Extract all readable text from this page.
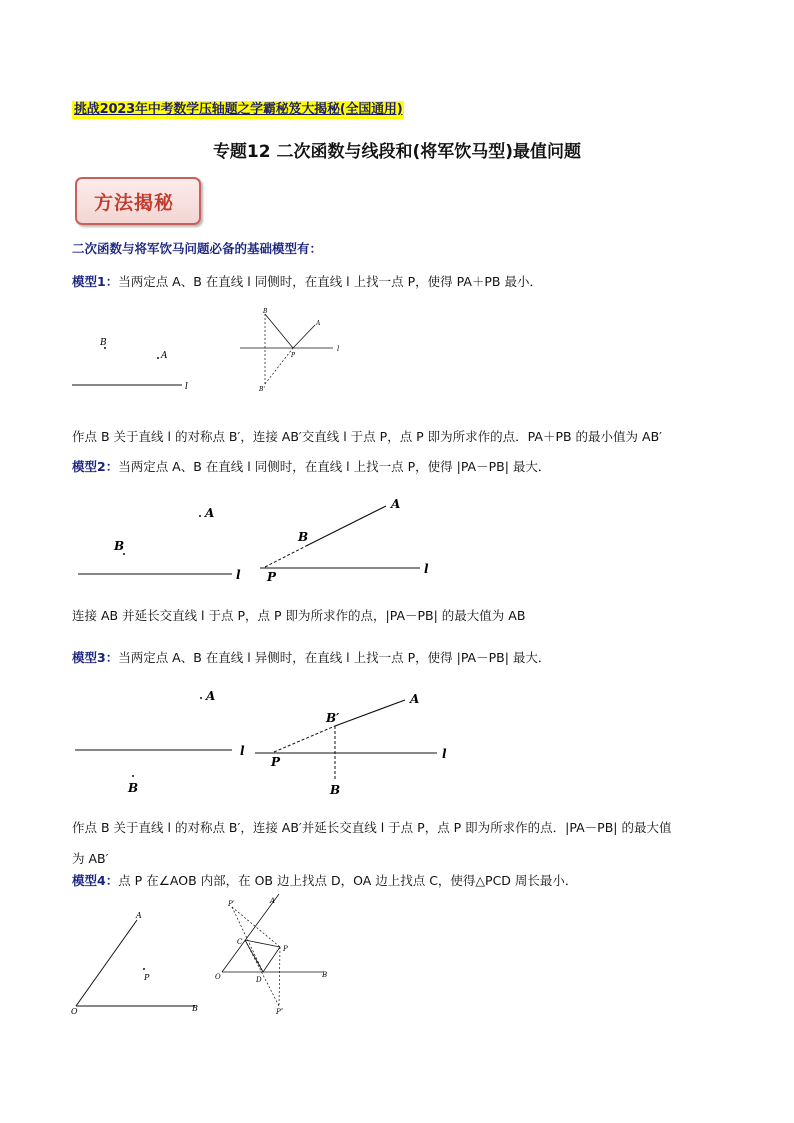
挑战2023年中考数学压轴题之学霸秘笈大揭秘(全国通用)
专题12 二次函数与线段和(将军饮马型)最值问题
方法揭秘
二次函数与将军饮马问题必备的基础模型有：
模型1：当两定点 A、B 在直线 l 同侧时，在直线 l 上找一点 P，使得 PA＋PB 最小．
B
A
l
l
B
A
P
B'
作点 B 关于直线 l 的对称点 B′，连接 AB′交直线 l 于点 P，点 P 即为所求作的点．PA＋PB 的最小值为 AB′
模型2：当两定点 A、B 在直线 l 同侧时，在直线 l 上找一点 P，使得 |PA－PB| 最大．
A
B
l	l
A
B
P
连接 AB 并延长交直线 l 于点 P，点 P 即为所求作的点，|PA－PB| 的最大值为 AB
模型3：当两定点 A、B 在直线 l 异侧时，在直线 l 上找一点 P，使得 |PA－PB| 最大．
A
l
B
l
A
B′
P
B
作点 B 关于直线 l 的对称点 B′，连接 AB′并延长交直线 l 于点 P，点 P 即为所求作的点．|PA－PB| 的最大值
为 AB′
模型4：点 P 在∠AOB 内部，在 OB 边上找点 D，OA 边上找点 C，使得△PCD 周长最小．
P
A
O	B
P′	A
C
P
O	D
B
P″
